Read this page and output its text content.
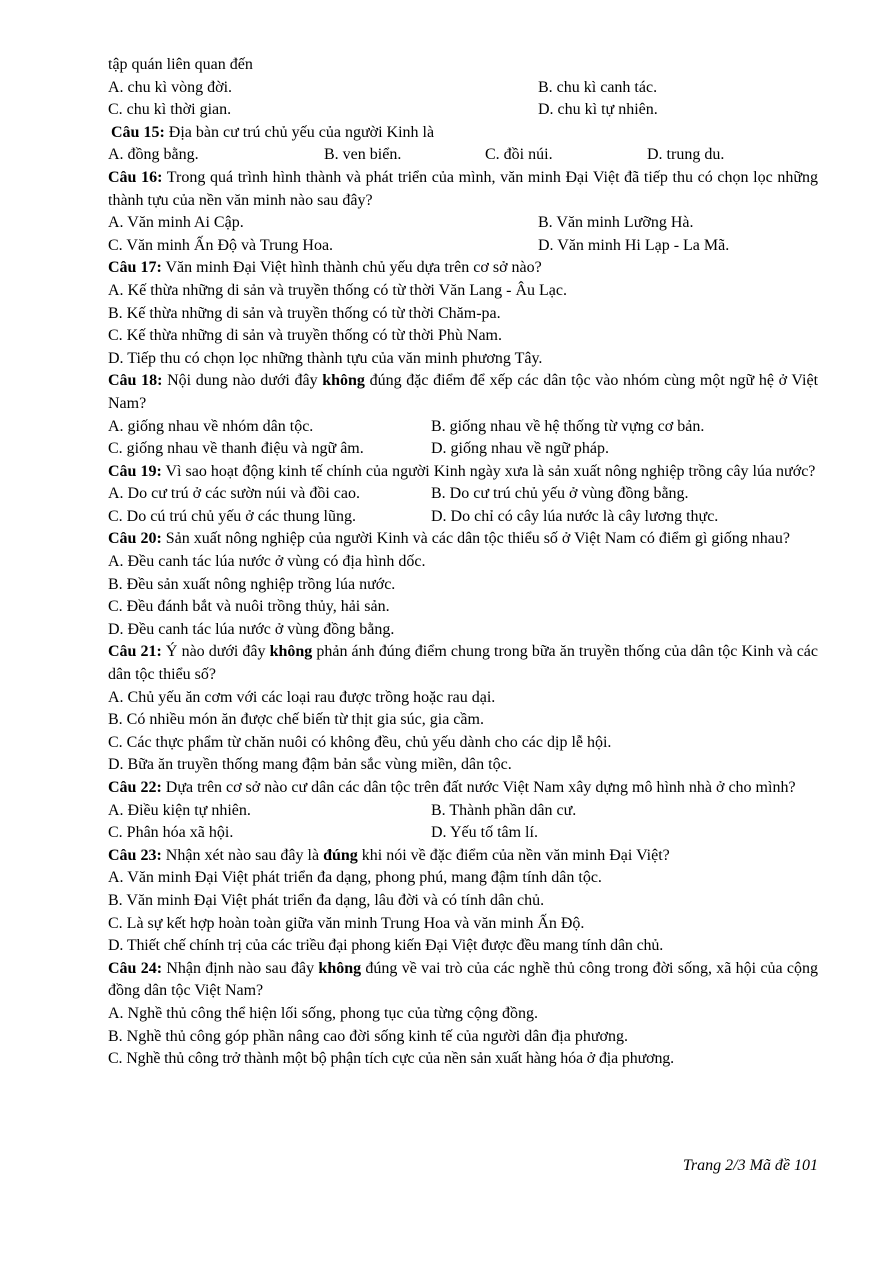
tập quán liên quan đến
A. chu kì vòng đời.	B. chu kì canh tác.
C. chu kì thời gian.	D. chu kì tự nhiên.
Câu 15: Địa bàn cư trú chủ yếu của người Kinh là
A. đồng bằng.	B. ven biển.	C. đồi núi.	D. trung du.
Câu 16: Trong quá trình hình thành và phát triển của mình, văn minh Đại Việt đã tiếp thu có chọn lọc những thành tựu của nền văn minh nào sau đây?
A. Văn minh Ai Cập.	B. Văn minh Lưỡng Hà.
C. Văn minh Ấn Độ và Trung Hoa.	D. Văn minh Hi Lạp - La Mã.
Câu 17: Văn minh Đại Việt hình thành chủ yếu dựa trên cơ sở nào?
A. Kế thừa những di sản và truyền thống có từ thời Văn Lang - Âu Lạc.
B. Kế thừa những di sản và truyền thống có từ thời Chăm-pa.
C. Kế thừa những di sản và truyền thống có từ thời Phù Nam.
D. Tiếp thu có chọn lọc những thành tựu của văn minh phương Tây.
Câu 18: Nội dung nào dưới đây không đúng đặc điểm để xếp các dân tộc vào nhóm cùng một ngữ hệ ở Việt Nam?
A. giống nhau về nhóm dân tộc.	B. giống nhau về hệ thống từ vựng cơ bản.
C. giống nhau về thanh điệu và ngữ âm.	D. giống nhau về ngữ pháp.
Câu 19: Vì sao hoạt động kinh tế chính của người Kinh ngày xưa là sản xuất nông nghiệp trồng cây lúa nước?
A. Do cư trú ở các sườn núi và đồi cao.	B. Do cư trú chủ yếu ở vùng đồng bằng.
C. Do cú trú chủ yếu ở các thung lũng.	D. Do chỉ có cây lúa nước là cây lương thực.
Câu 20: Sản xuất nông nghiệp của người Kinh và các dân tộc thiểu số ở Việt Nam có điểm gì giống nhau?
A. Đều canh tác lúa nước ở vùng có địa hình dốc.
B. Đều sản xuất nông nghiệp trồng lúa nước.
C. Đều đánh bắt và nuôi trồng thủy, hải sản.
D. Đều canh tác lúa nước ở vùng đồng bằng.
Câu 21: Ý nào dưới đây không phản ánh đúng điểm chung trong bữa ăn truyền thống của dân tộc Kinh và các dân tộc thiểu số?
A. Chủ yếu ăn cơm với các loại rau được trồng hoặc rau dại.
B. Có nhiều món ăn được chế biến từ thịt gia súc, gia cầm.
C. Các thực phẩm từ chăn nuôi có không đều, chủ yếu dành cho các dịp lễ hội.
D. Bữa ăn truyền thống mang đậm bản sắc vùng miền, dân tộc.
Câu 22: Dựa trên cơ sở nào cư dân các dân tộc trên đất nước Việt Nam xây dựng mô hình nhà ở cho mình?
A. Điều kiện tự nhiên.	B. Thành phần dân cư.
C. Phân hóa xã hội.	D. Yếu tố tâm lí.
Câu 23: Nhận xét nào sau đây là đúng khi nói về đặc điểm của nền văn minh Đại Việt?
A. Văn minh Đại Việt phát triển đa dạng, phong phú, mang đậm tính dân tộc.
B. Văn minh Đại Việt phát triển đa dạng, lâu đời và có tính dân chủ.
C. Là sự kết hợp hoàn toàn giữa văn minh Trung Hoa và văn minh Ấn Độ.
D. Thiết chế chính trị của các triều đại phong kiến Đại Việt được đều mang tính dân chủ.
Câu 24: Nhận định nào sau đây không đúng về vai trò của các nghề thủ công trong đời sống, xã hội của cộng đồng dân tộc Việt Nam?
A. Nghề thủ công thể hiện lối sống, phong tục của từng cộng đồng.
B. Nghề thủ công góp phần nâng cao đời sống kinh tế của người dân địa phương.
C. Nghề thủ công trở thành một bộ phận tích cực của nền sản xuất hàng hóa ở địa phương.
Trang 2/3 Mã đề 101
